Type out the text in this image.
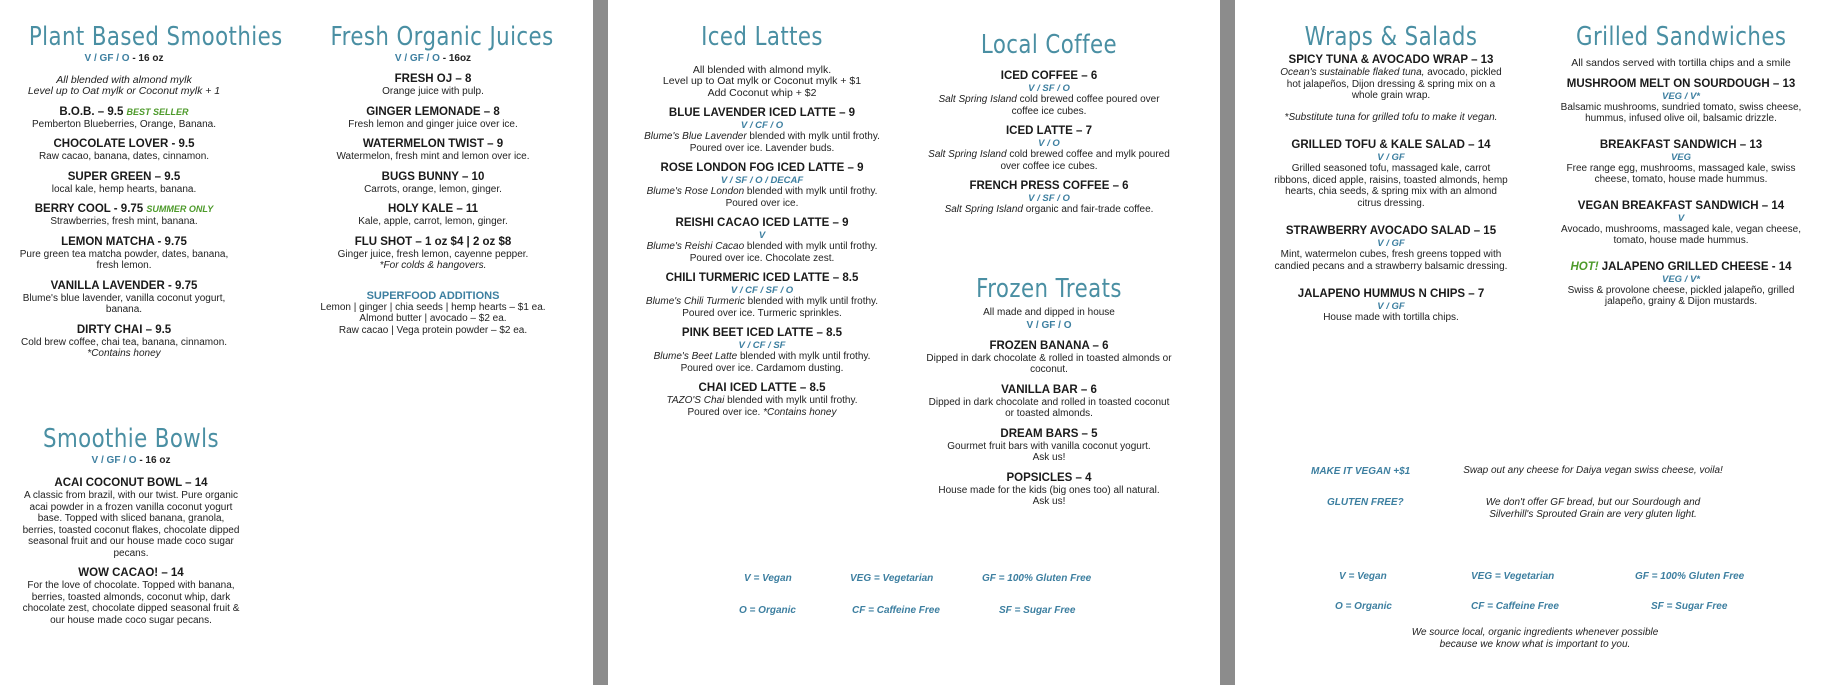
Plant Based Smoothies
V / GF / O - 16 oz
All blended with almond mylk
Level up to Oat mylk or Coconut mylk + 1
B.O.B. – 9.5 BEST SELLER
Pemberton Blueberries, Orange, Banana.
CHOCOLATE LOVER - 9.5
Raw cacao, banana, dates, cinnamon.
SUPER GREEN – 9.5
local kale, hemp hearts, banana.
BERRY COOL - 9.75 SUMMER ONLY
Strawberries, fresh mint, banana.
LEMON MATCHA - 9.75
Pure green tea matcha powder, dates, banana, fresh lemon.
VANILLA LAVENDER - 9.75
Blume's blue lavender, vanilla coconut yogurt, banana.
DIRTY CHAI – 9.5
Cold brew coffee, chai tea, banana, cinnamon.
*Contains honey
Smoothie Bowls
V / GF / O - 16 oz
ACAI COCONUT BOWL – 14
A classic from brazil, with our twist. Pure organic acai powder in a frozen vanilla coconut yogurt base. Topped with sliced banana, granola, berries, toasted coconut flakes, chocolate dipped seasonal fruit and our house made coco sugar pecans.
WOW CACAO! – 14
For the love of chocolate. Topped with banana, berries, toasted almonds, coconut whip, dark chocolate zest, chocolate dipped seasonal fruit & our house made coco sugar pecans.
Fresh Organic Juices
V / GF / O - 16oz
FRESH OJ – 8
Orange juice with pulp.
GINGER LEMONADE – 8
Fresh lemon and ginger juice over ice.
WATERMELON TWIST – 9
Watermelon, fresh mint and lemon over ice.
BUGS BUNNY – 10
Carrots, orange, lemon, ginger.
HOLY KALE – 11
Kale, apple, carrot, lemon, ginger.
FLU SHOT – 1 oz $4 | 2 oz $8
Ginger juice, fresh lemon, cayenne pepper.
*For colds & hangovers.
SUPERFOOD ADDITIONS
Lemon | ginger | chia seeds | hemp hearts – $1 ea.
Almond butter | avocado – $2 ea.
Raw cacao | Vega protein powder – $2 ea.
Iced Lattes
All blended with almond mylk.
Level up to Oat mylk or Coconut mylk + $1
Add Coconut whip + $2
BLUE LAVENDER ICED LATTE – 9
V / CF / O
Blume's Blue Lavender blended with mylk until frothy.
Poured over ice. Lavender buds.
ROSE LONDON FOG ICED LATTE – 9
V / SF / O / DECAF
Blume's Rose London blended with mylk until frothy.
Poured over ice.
REISHI CACAO ICED LATTE – 9
V
Blume's Reishi Cacao blended with mylk until frothy.
Poured over ice. Chocolate zest.
CHILI TURMERIC ICED LATTE – 8.5
V / CF / SF / O
Blume's Chili Turmeric blended with mylk until frothy.
Poured over ice. Turmeric sprinkles.
PINK BEET ICED LATTE – 8.5
V / CF / SF
Blume's Beet Latte blended with mylk until frothy.
Poured over ice. Cardamom dusting.
CHAI ICED LATTE – 8.5
TAZO'S Chai blended with mylk until frothy.
Poured over ice. *Contains honey
Local Coffee
ICED COFFEE – 6
V / SF / O
Salt Spring Island cold brewed coffee poured over coffee ice cubes.
ICED LATTE – 7
V / O
Salt Spring Island cold brewed coffee and mylk poured over coffee ice cubes.
FRENCH PRESS COFFEE – 6
V / SF / O
Salt Spring Island organic and fair-trade coffee.
Frozen Treats
All made and dipped in house
V / GF / O
FROZEN BANANA – 6
Dipped in dark chocolate & rolled in toasted almonds or coconut.
VANILLA BAR – 6
Dipped in dark chocolate and rolled in toasted coconut or toasted almonds.
DREAM BARS – 5
Gourmet fruit bars with vanilla coconut yogurt.
Ask us!
POPSICLES – 4
House made for the kids (big ones too) all natural.
Ask us!
V = Vegan	VEG = Vegetarian	GF = 100% Gluten Free
O = Organic	CF = Caffeine Free	SF = Sugar Free
Wraps & Salads
SPICY TUNA & AVOCADO WRAP – 13
Ocean's sustainable flaked tuna, avocado, pickled hot jalapeños, Dijon dressing & spring mix on a whole grain wrap.
*Substitute tuna for grilled tofu to make it vegan.
GRILLED TOFU & KALE SALAD – 14
V / GF
Grilled seasoned tofu, massaged kale, carrot ribbons, diced apple, raisins, toasted almonds, hemp hearts, chia seeds, & spring mix with an almond citrus dressing.
STRAWBERRY AVOCADO SALAD – 15
V / GF
Mint, watermelon cubes, fresh greens topped with candied pecans and a strawberry balsamic dressing.
JALAPENO HUMMUS N CHIPS – 7
V / GF
House made with tortilla chips.
Grilled Sandwiches
All sandos served with tortilla chips and a smile
MUSHROOM MELT ON SOURDOUGH – 13
VEG / V*
Balsamic mushrooms, sundried tomato, swiss cheese, hummus, infused olive oil, balsamic drizzle.
BREAKFAST SANDWICH – 13
VEG
Free range egg, mushrooms, massaged kale, swiss cheese, tomato, house made hummus.
VEGAN BREAKFAST SANDWICH – 14
V
Avocado, mushrooms, massaged kale, vegan cheese, tomato, house made hummus.
HOT! JALAPENO GRILLED CHEESE - 14
VEG / V*
Swiss & provolone cheese, pickled jalapeño, grilled jalapeño, grainy & Dijon mustards.
MAKE IT VEGAN +$1	Swap out any cheese for Daiya vegan swiss cheese, voila!
GLUTEN FREE?	We don't offer GF bread, but our Sourdough and
Silverhill's Sprouted Grain are very gluten light.
V = Vegan	VEG = Vegetarian	GF = 100% Gluten Free
O = Organic	CF = Caffeine Free	SF = Sugar Free
We source local, organic ingredients whenever possible
because we know what is important to you.
